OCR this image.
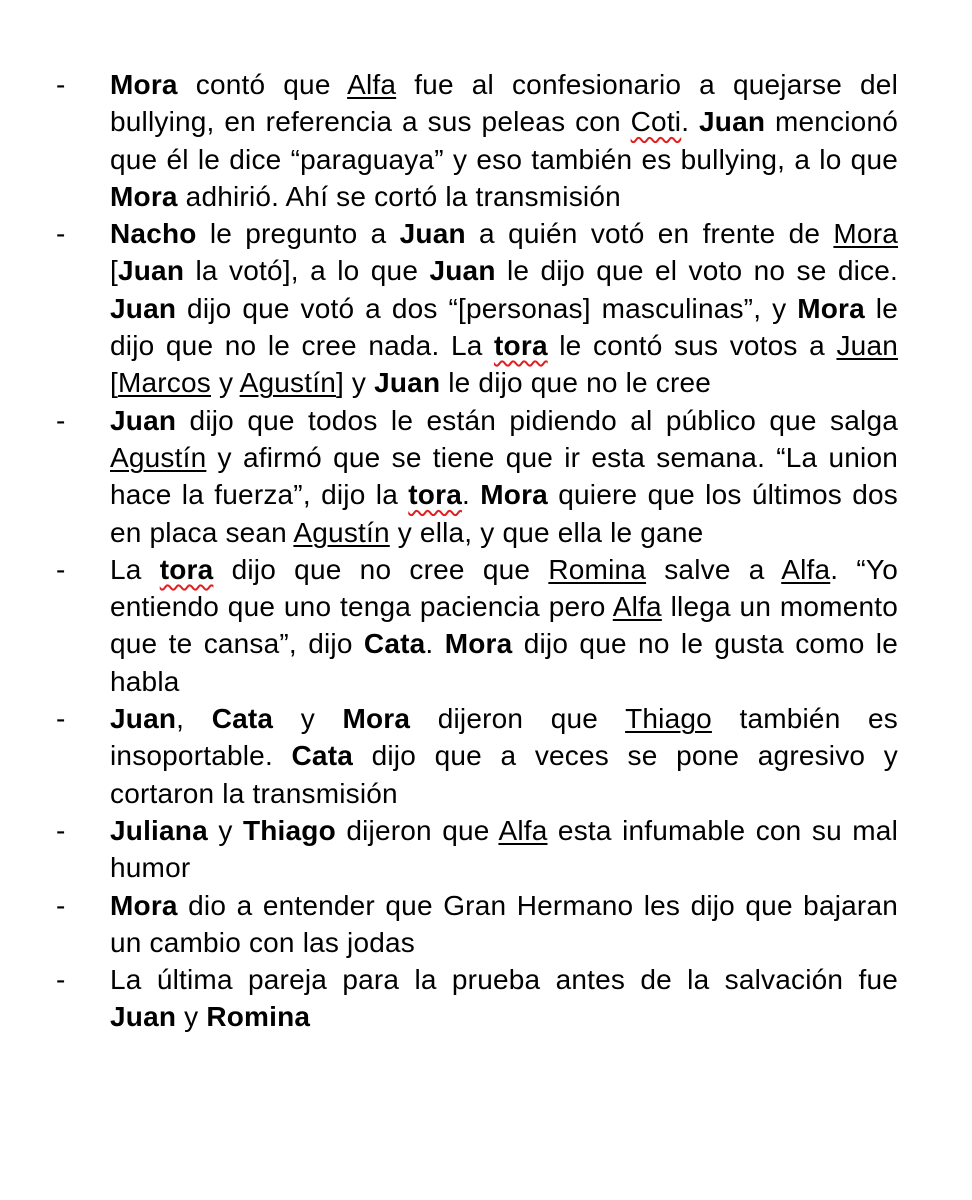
- Mora contó que Alfa fue al confesionario a quejarse del bullying, en referencia a sus peleas con Coti. Juan mencionó que él le dice “paraguaya” y eso también es bullying, a lo que Mora adhirió. Ahí se cortó la transmisión
- Nacho le pregunto a Juan a quién votó en frente de Mora [Juan la votó], a lo que Juan le dijo que el voto no se dice. Juan dijo que votó a dos “[personas] masculinas”, y Mora le dijo que no le cree nada. La tora le contó sus votos a Juan [Marcos y Agustín] y Juan le dijo que no le cree
- Juan dijo que todos le están pidiendo al público que salga Agustín y afirmó que se tiene que ir esta semana. “La union hace la fuerza”, dijo la tora. Mora quiere que los últimos dos en placa sean Agustín y ella, y que ella le gane
- La tora dijo que no cree que Romina salve a Alfa. “Yo entiendo que uno tenga paciencia pero Alfa llega un momento que te cansa”, dijo Cata. Mora dijo que no le gusta como le habla
- Juan, Cata y Mora dijeron que Thiago también es insoportable. Cata dijo que a veces se pone agresivo y cortaron la transmisión
- Juliana y Thiago dijeron que Alfa esta infumable con su mal humor
- Mora dio a entender que Gran Hermano les dijo que bajaran un cambio con las jodas
- La última pareja para la prueba antes de la salvación fue Juan y Romina
